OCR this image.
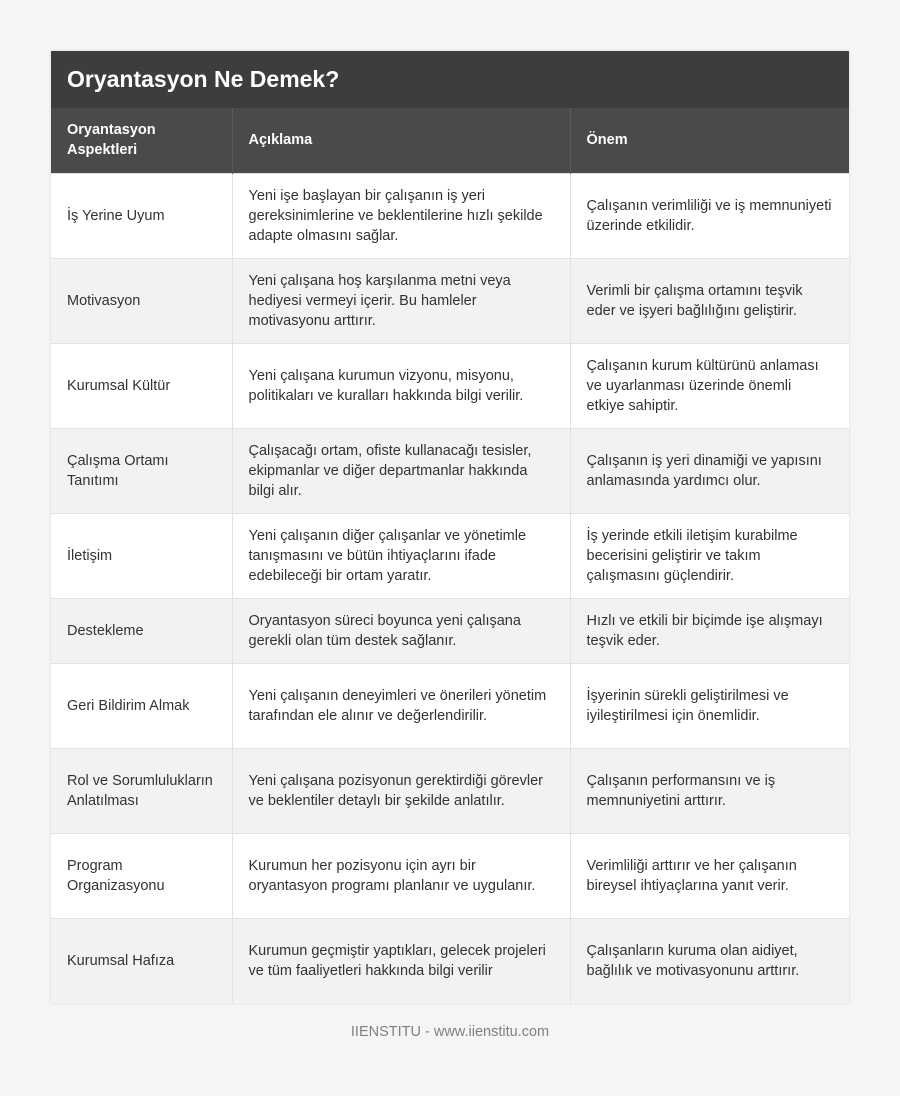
Oryantasyon Ne Demek?
Oryantasyon Aspektleri	Açıklama	Önem
İş Yerine Uyum	Yeni işe başlayan bir çalışanın iş yeri gereksinimlerine ve beklentilerine hızlı şekilde adapte olmasını sağlar.	Çalışanın verimliliği ve iş memnuniyeti üzerinde etkilidir.
Motivasyon	Yeni çalışana hoş karşılanma metni veya hediyesi vermeyi içerir. Bu hamleler motivasyonu arttırır.	Verimli bir çalışma ortamını teşvik eder ve işyeri bağlılığını geliştirir.
Kurumsal Kültür	Yeni çalışana kurumun vizyonu, misyonu, politikaları ve kuralları hakkında bilgi verilir.	Çalışanın kurum kültürünü anlaması ve uyarlanması üzerinde önemli etkiye sahiptir.
Çalışma Ortamı Tanıtımı	Çalışacağı ortam, ofiste kullanacağı tesisler, ekipmanlar ve diğer departmanlar hakkında bilgi alır.	Çalışanın iş yeri dinamiği ve yapısını anlamasında yardımcı olur.
İletişim	Yeni çalışanın diğer çalışanlar ve yönetimle tanışmasını ve bütün ihtiyaçlarını ifade edebileceği bir ortam yaratır.	İş yerinde etkili iletişim kurabilme becerisini geliştirir ve takım çalışmasını güçlendirir.
Destekleme	Oryantasyon süreci boyunca yeni çalışana gerekli olan tüm destek sağlanır.	Hızlı ve etkili bir biçimde işe alışmayı teşvik eder.
Geri Bildirim Almak	Yeni çalışanın deneyimleri ve önerileri yönetim tarafından ele alınır ve değerlendirilir.	İşyerinin sürekli geliştirilmesi ve iyileştirilmesi için önemlidir.
Rol ve Sorumlulukların Anlatılması	Yeni çalışana pozisyonun gerektirdiği görevler ve beklentiler detaylı bir şekilde anlatılır.	Çalışanın performansını ve iş memnuniyetini arttırır.
Program Organizasyonu	Kurumun her pozisyonu için ayrı bir oryantasyon programı planlanır ve uygulanır.	Verimliliği arttırır ve her çalışanın bireysel ihtiyaçlarına yanıt verir.
Kurumsal Hafıza	Kurumun geçmiştir yaptıkları, gelecek projeleri ve tüm faaliyetleri hakkında bilgi verilir	Çalışanların kuruma olan aidiyet, bağlılık ve motivasyonunu arttırır.
IIENSTITU - www.iienstitu.com
